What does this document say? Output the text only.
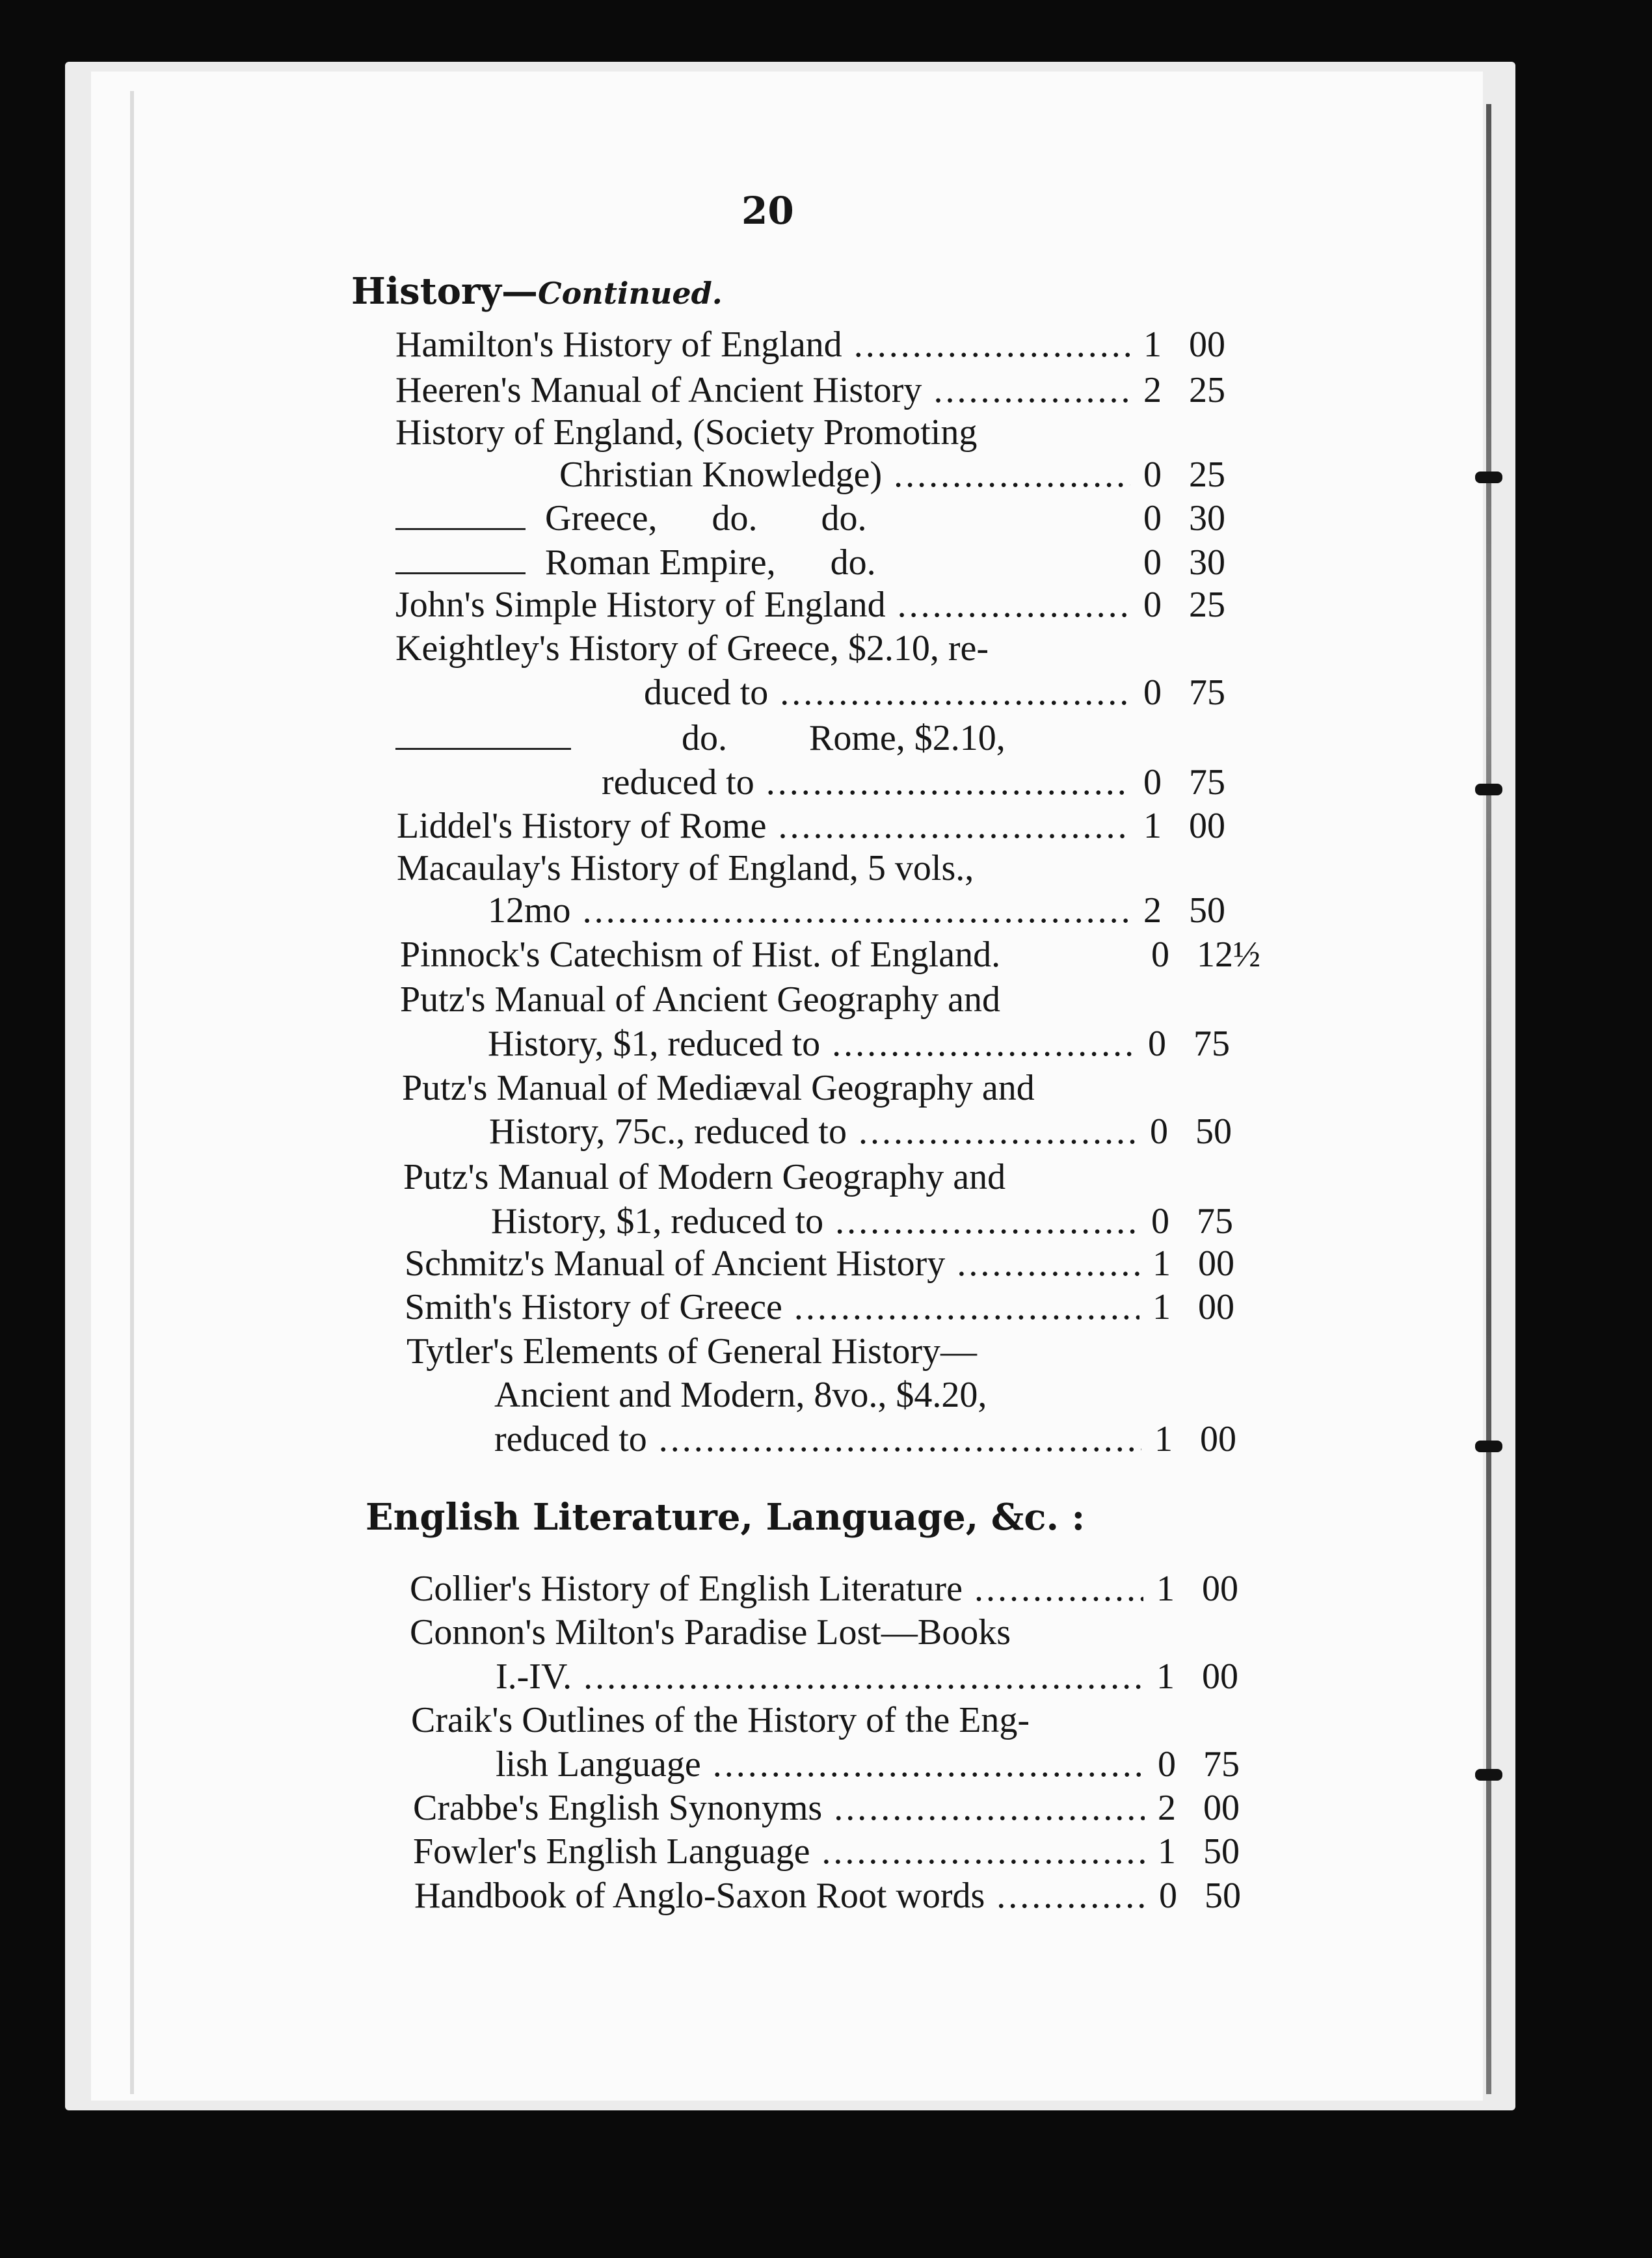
20
History—Continued.
Hamilton's History of England .....	1 00
Heeren's Manual of Ancient History .....	2 25
History of England, (Society Promoting
Christian Knowledge) .....	0 25
Greece,      do.       do.	0 30
Roman Empire,      do.	0 30
John's Simple History of England .....	0 25
Keightley's History of Greece, $2.10, re-
duced to .....	0 75
do.         Rome, $2.10,
reduced to .....	0 75
Liddel's History of Rome .....	1 00
Macaulay's History of England, 5 vols.,
12mo .....	2 50
Pinnock's Catechism of Hist. of England.	0 12½
Putz's Manual of Ancient Geography and
History, $1, reduced to .....	0 75
Putz's Manual of Mediæval Geography and
History, 75c., reduced to .....	0 50
Putz's Manual of Modern Geography and
History, $1, reduced to .....	0 75
Schmitz's Manual of Ancient History .....	1 00
Smith's History of Greece .....	1 00
Tytler's Elements of General History—
Ancient and Modern, 8vo., $4.20,
reduced to .....	1 00
English Literature, Language, &c. :
Collier's History of English Literature .....	1 00
Connon's Milton's Paradise Lost—Books
I.-IV. .....	1 00
Craik's Outlines of the History of the Eng-
lish Language .....	0 75
Crabbe's English Synonyms .....	2 00
Fowler's English Language .....	1 50
Handbook of Anglo-Saxon Root words .....	0 50
